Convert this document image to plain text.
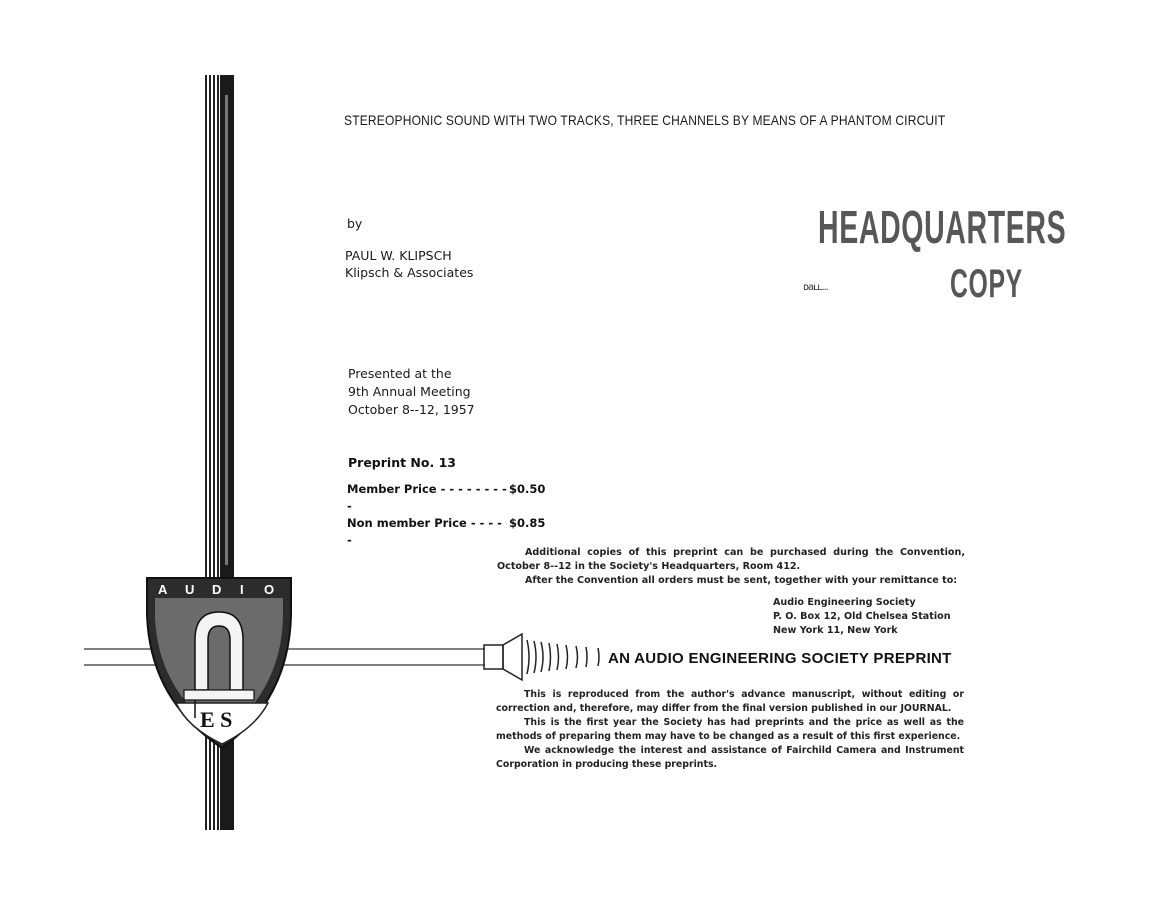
A U D I O
E S
STEREOPHONIC SOUND WITH TWO TRACKS, THREE CHANNELS BY MEANS OF A PHANTOM CIRCUIT
by
PAUL W. KLIPSCH
Klipsch & Associates
HEADQUARTERS
ᴅaʟʟ...	COPY
Presented at the
9th Annual Meeting
October 8--12, 1957
Preprint No. 13
Member Price - - - - - - - - -
$0.50
Non member Price - - - - -
$0.85

Additional copies of this preprint can be purchased during the Convention, October 8--12 in the Society's Headquarters, Room 412.

After the Convention all orders must be sent, together with your remittance to:

Audio Engineering Society
P. O. Box 12, Old Chelsea Station
New York 11, New York
AN AUDIO ENGINEERING SOCIETY PREPRINT

This is reproduced from the author's advance manuscript, without editing or correction and, therefore, may differ from the final version published in our JOURNAL.

This is the first year the Society has had preprints and the price as well as the methods of preparing them may have to be changed as a result of this first experience.

We acknowledge the interest and assistance of Fairchild Camera and Instrument Corporation in producing these preprints.
